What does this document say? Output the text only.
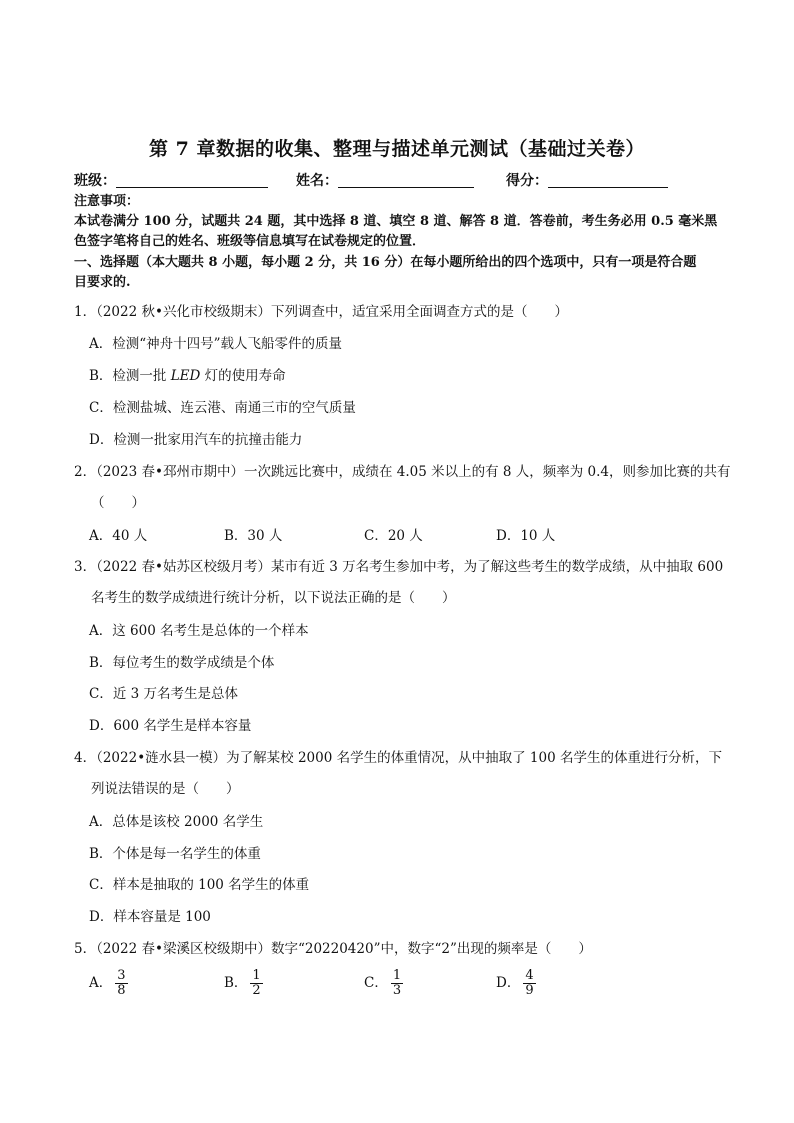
第 7 章数据的收集、整理与描述单元测试（基础过关卷）
班级：	姓名：	得分：
注意事项：
本试卷满分 100 分，试题共 24 题，其中选择 8 道、填空 8 道、解答 8 道．答卷前，考生务必用 0.5 毫米黑
色签字笔将自己的姓名、班级等信息填写在试卷规定的位置．
一、选择题（本大题共 8 小题，每小题 2 分，共 16 分）在每小题所给出的四个选项中，只有一项是符合题
目要求的.
1．（2022 秋•兴化市校级期末）下列调查中，适宜采用全面调查方式的是（　　）
A．检测“神舟十四号”载人飞船零件的质量
B．检测一批 LED 灯的使用寿命
C．检测盐城、连云港、南通三市的空气质量
D．检测一批家用汽车的抗撞击能力
2．（2023 春•邳州市期中）一次跳远比赛中，成绩在 4.05 米以上的有 8 人，频率为 0.4，则参加比赛的共有
（　　）
A．40 人	B．30 人	C．20 人	D．10 人
3．（2022 春•姑苏区校级月考）某市有近 3 万名考生参加中考，为了解这些考生的数学成绩，从中抽取 600
名考生的数学成绩进行统计分析，以下说法正确的是（　　）
A．这 600 名考生是总体的一个样本
B．每位考生的数学成绩是个体
C．近 3 万名考生是总体
D．600 名学生是样本容量
4．（2022•涟水县一模）为了解某校 2000 名学生的体重情况，从中抽取了 100 名学生的体重进行分析，下
列说法错误的是（　　）
A．总体是该校 2000 名学生
B．个体是每一名学生的体重
C．样本是抽取的 100 名学生的体重
D．样本容量是 100
5．（2022 春•梁溪区校级期中）数字“20220420”中，数字“2”出现的频率是（　　）
A． $\frac{3}{8}$	B． $\frac{1}{2}$	C． $\frac{1}{3}$	D． $\frac{4}{9}$
